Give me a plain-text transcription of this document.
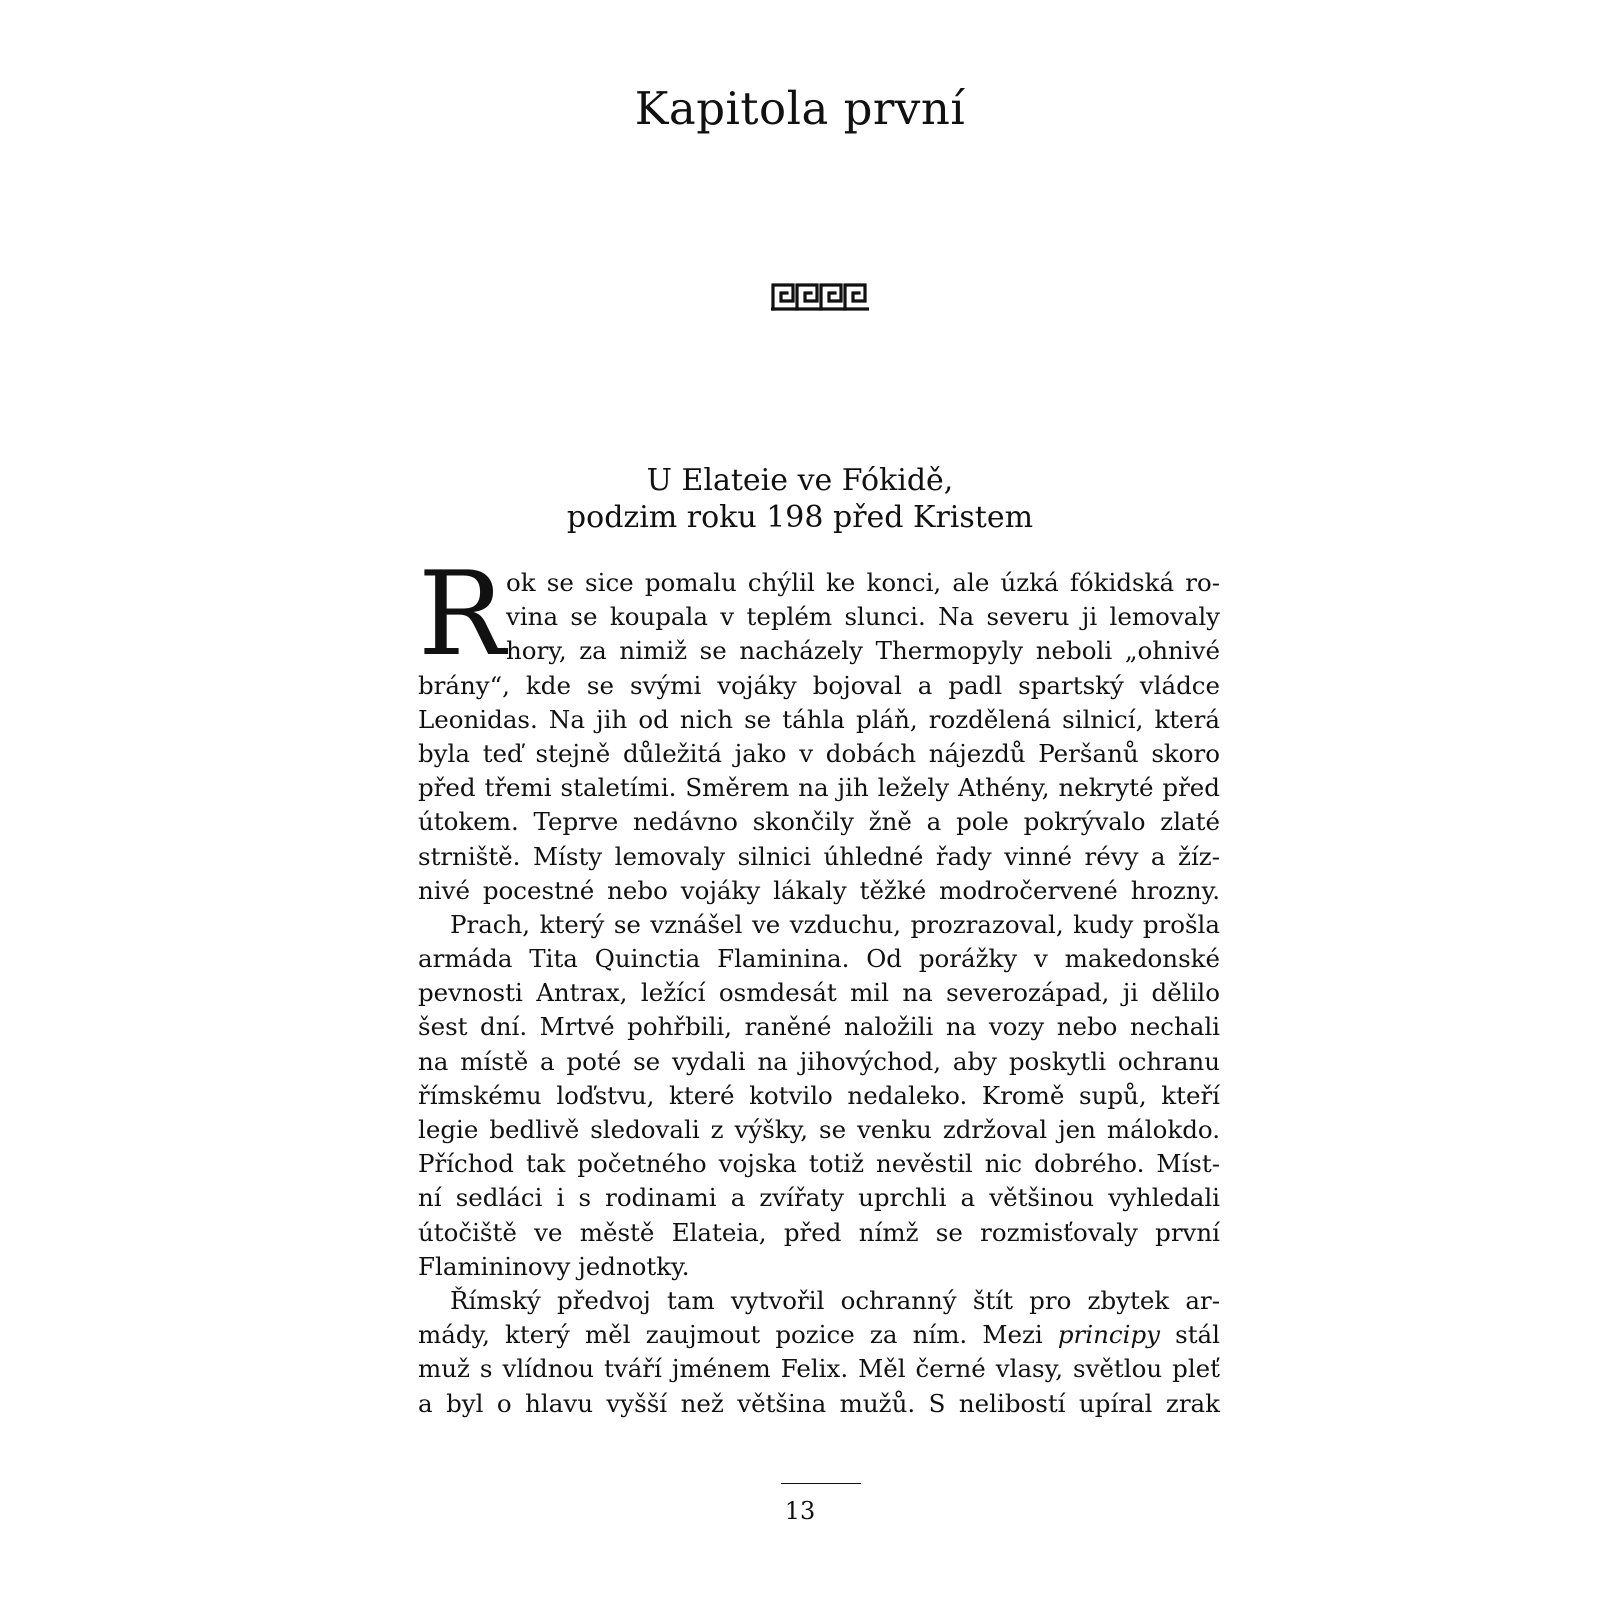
Kapitola první
U Elateie ve Fókidě,
podzim roku 198 před Kristem
R ok se sice pomalu chýlil ke konci, ale úzká fókidská ro-
vina se koupala v teplém slunci. Na severu ji lemovaly
hory, za nimiž se nacházely Thermopyly neboli „ohnivé
brány“, kde se svými vojáky bojoval a padl spartský vládce
Leonidas. Na jih od nich se táhla pláň, rozdělená silnicí, která
byla teď stejně důležitá jako v dobách nájezdů Peršanů skoro
před třemi staletími. Směrem na jih ležely Athény, nekryté před
útokem. Teprve nedávno skončily žně a pole pokrývalo zlaté
strniště. Místy lemovaly silnici úhledné řady vinné révy a žíz-
nivé pocestné nebo vojáky lákaly těžké modročervené hrozny.
Prach, který se vznášel ve vzduchu, prozrazoval, kudy prošla
armáda Tita Quinctia Flaminina. Od porážky v makedonské
pevnosti Antrax, ležící osmdesát mil na severozápad, ji dělilo
šest dní. Mrtvé pohřbili, raněné naložili na vozy nebo nechali
na místě a poté se vydali na jihovýchod, aby poskytli ochranu
římskému loďstvu, které kotvilo nedaleko. Kromě supů, kteří
legie bedlivě sledovali z výšky, se venku zdržoval jen málokdo.
Příchod tak početného vojska totiž nevěstil nic dobrého. Míst-
ní sedláci i s rodinami a zvířaty uprchli a většinou vyhledali
útočiště ve městě Elateia, před nímž se rozmisťovaly první
Flamininovy jednotky.
Římský předvoj tam vytvořil ochranný štít pro zbytek ar-
mády, který měl zaujmout pozice za ním. Mezi principy stál
muž s vlídnou tváří jménem Felix. Měl černé vlasy, světlou pleť
a byl o hlavu vyšší než většina mužů. S nelibostí upíral zrak
13
